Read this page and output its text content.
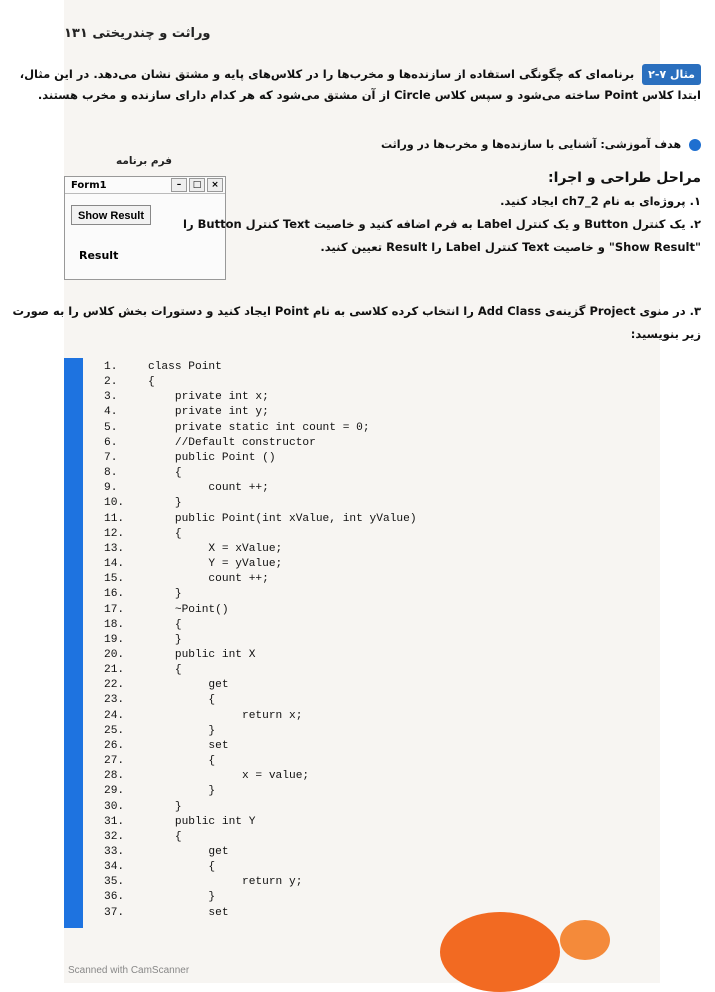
وراثت و چندریختی ۱۳۱
مثال ۷-۲ برنامه‌ای که چگونگی استفاده از سازنده‌ها و مخرب‌ها را در کلاس‌های پایه و مشتق نشان می‌دهد. در این مثال، ابتدا کلاس Point ساخته می‌شود و سپس کلاس Circle از آن مشتق می‌شود که هر کدام دارای سازنده و مخرب هستند.
هدف آموزشی: آشنایی با سازنده‌ها و مخرب‌ها در وراثت
فرم برنامه
Form1	–	□	×
Show Result
Result
مراحل طراحی و اجرا:

۱. پروژه‌ای به نام ch7_2 ایجاد کنید.

۲. یک کنترل Button و یک کنترل Label به فرم اضافه کنید و خاصیت Text کنترل Button را "Show Result" و خاصیت Text کنترل Label را Result تعیین کنید.

۳. در منوی Project گزینه‌ی Add Class را انتخاب کرده کلاسی به نام Point ایجاد کنید و دستورات بخش کلاس را به صورت زیر بنویسید:
1.	class Point
2.	{
3.	private int x;
4.	private int y;
5.	private static int count = 0;
6.	//Default constructor
7.	public Point ()
8.	{
9.	count ++;
10.    }
11.    public Point(int xValue, int yValue)
12.    {
13.         X = xValue;
14.         Y = yValue;
15.         count ++;
16.    }
17.    ~Point()
18.    {
19.    }
20.    public int X
21.    {
22.         get
23.         {
24.              return x;
25.         }
26.         set
27.         {
28.              x = value;
29.         }
30.    }
31.    public int Y
32.    {
33.         get
34.         {
35.              return y;
36.         }
37.         set
Scanned with CamScanner
